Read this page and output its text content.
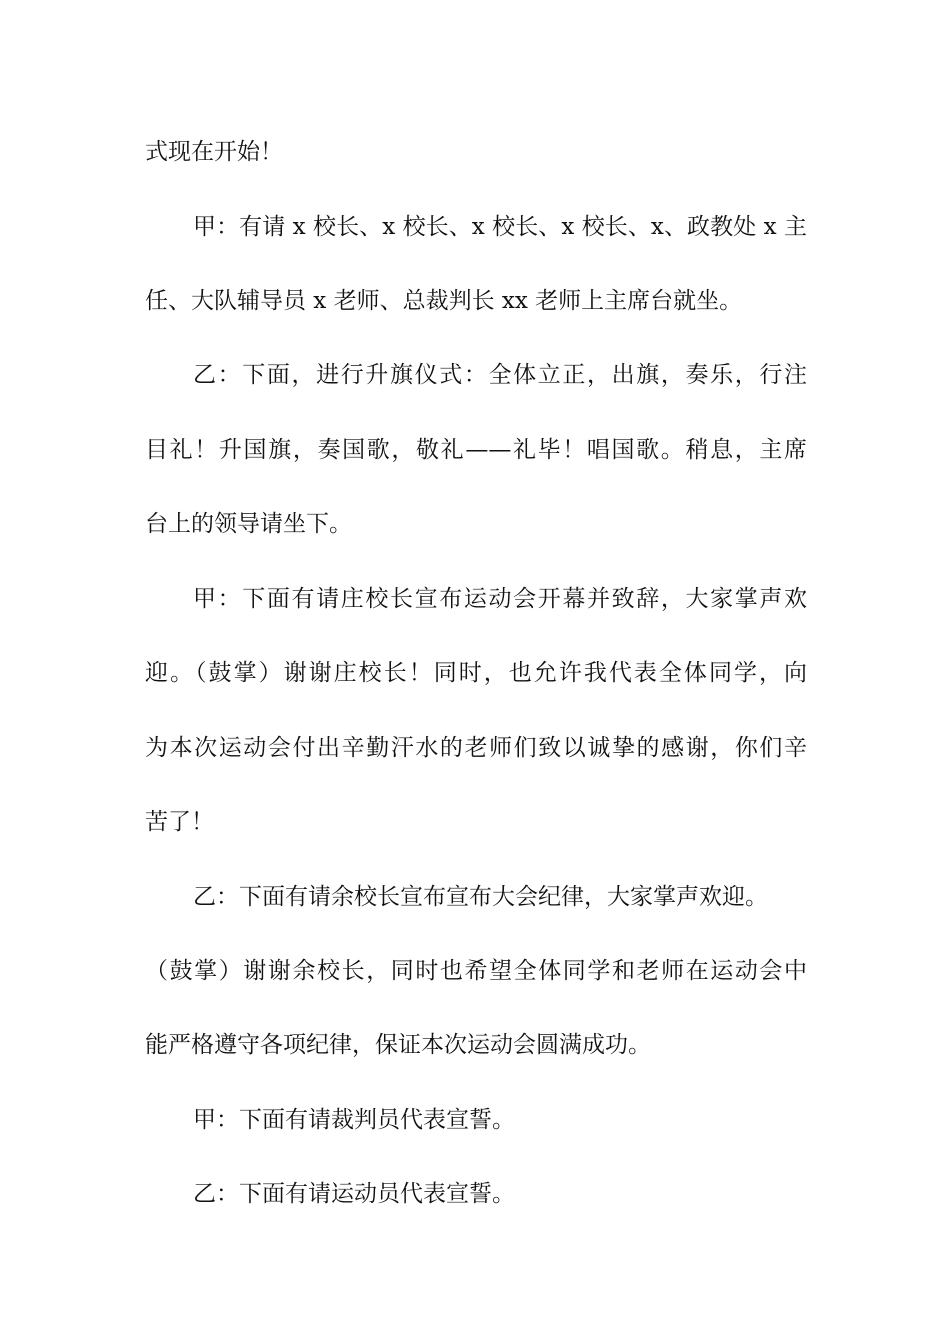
式现在开始！

甲：有请 x 校长、x 校长、x 校长、x 校长、x、政教处 x 主

任、大队辅导员 x 老师、总裁判长 xx 老师上主席台就坐。

乙：下面，进行升旗仪式：全体立正，出旗，奏乐，行注

目礼！升国旗，奏国歌，敬礼——礼毕！唱国歌。稍息，主席

台上的领导请坐下。

甲：下面有请庄校长宣布运动会开幕并致辞，大家掌声欢

迎。（鼓掌）谢谢庄校长！同时，也允许我代表全体同学，向

为本次运动会付出辛勤汗水的老师们致以诚挚的感谢，你们辛

苦了！

乙：下面有请余校长宣布宣布大会纪律，大家掌声欢迎。

（鼓掌）谢谢余校长，同时也希望全体同学和老师在运动会中

能严格遵守各项纪律，保证本次运动会圆满成功。

甲：下面有请裁判员代表宣誓。

乙：下面有请运动员代表宣誓。
